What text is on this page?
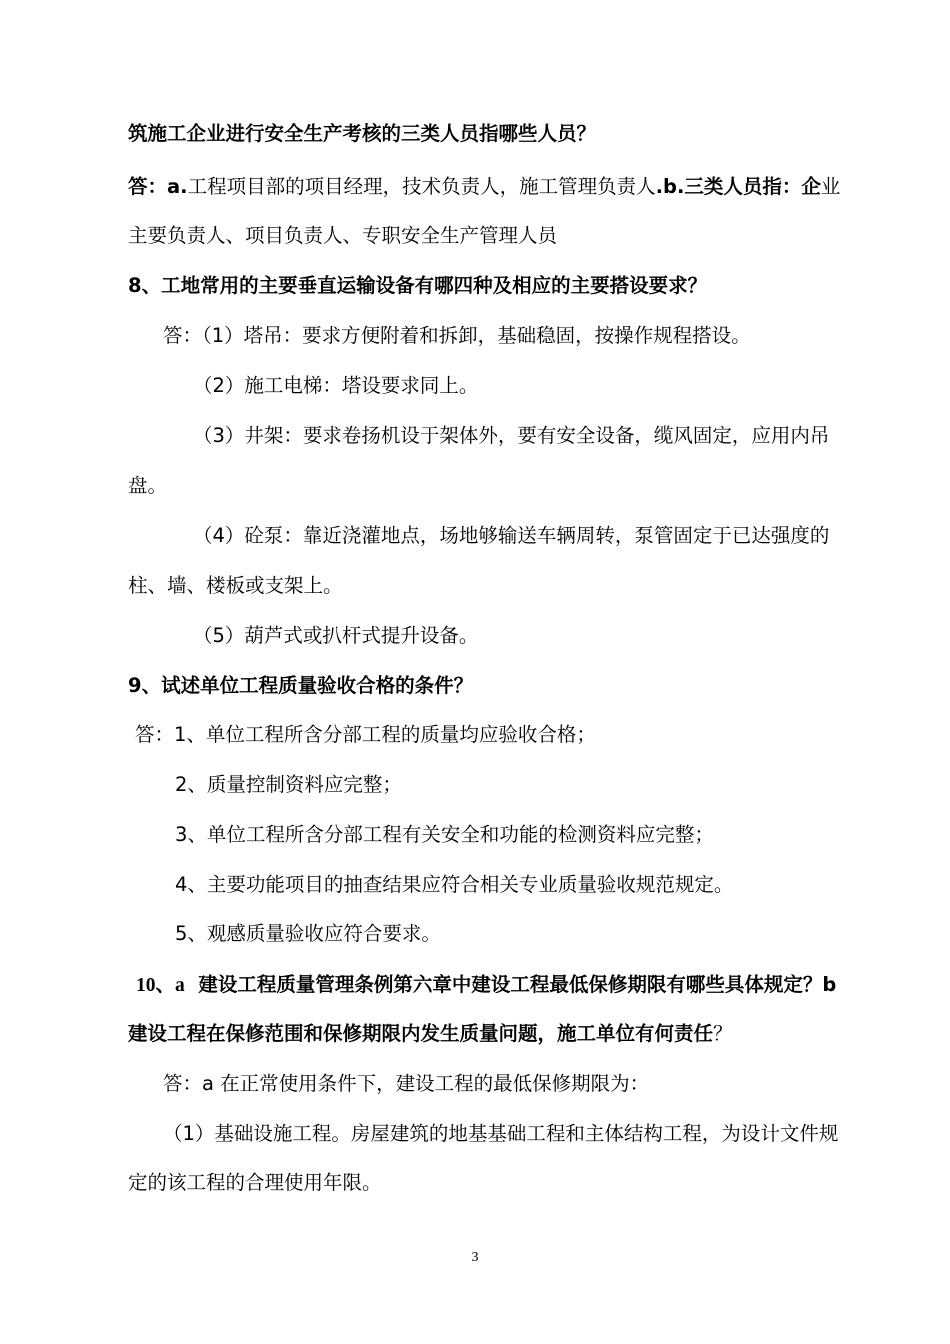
筑施工企业进行安全生产考核的三类人员指哪些人员？
答：a.工程项目部的项目经理，技术负责人，施工管理负责人.b.三类人员指：企业
主要负责人、项目负责人、专职安全生产管理人员
8、工地常用的主要垂直运输设备有哪四种及相应的主要搭设要求？
答：（1）塔吊：要求方便附着和拆卸，基础稳固，按操作规程搭设。
（2）施工电梯：塔设要求同上。
（3）井架：要求卷扬机设于架体外，要有安全设备，缆风固定，应用内吊
盘。
（4）砼泵：靠近浇灌地点，场地够输送车辆周转，泵管固定于已达强度的
柱、墙、楼板或支架上。
（5）葫芦式或扒杆式提升设备。
9、试述单位工程质量验收合格的条件？
答：1、单位工程所含分部工程的质量均应验收合格；
2、质量控制资料应完整；
3、单位工程所含分部工程有关安全和功能的检测资料应完整；
4、主要功能项目的抽查结果应符合相关专业质量验收规范规定。
5、观感质量验收应符合要求。
10、a 建设工程质量管理条例第六章中建设工程最低保修期限有哪些具体规定？b
建设工程在保修范围和保修期限内发生质量问题，施工单位有何责任？
答：a 在正常使用条件下，建设工程的最低保修期限为：
（1）基础设施工程。房屋建筑的地基基础工程和主体结构工程，为设计文件规
定的该工程的合理使用年限。
3
